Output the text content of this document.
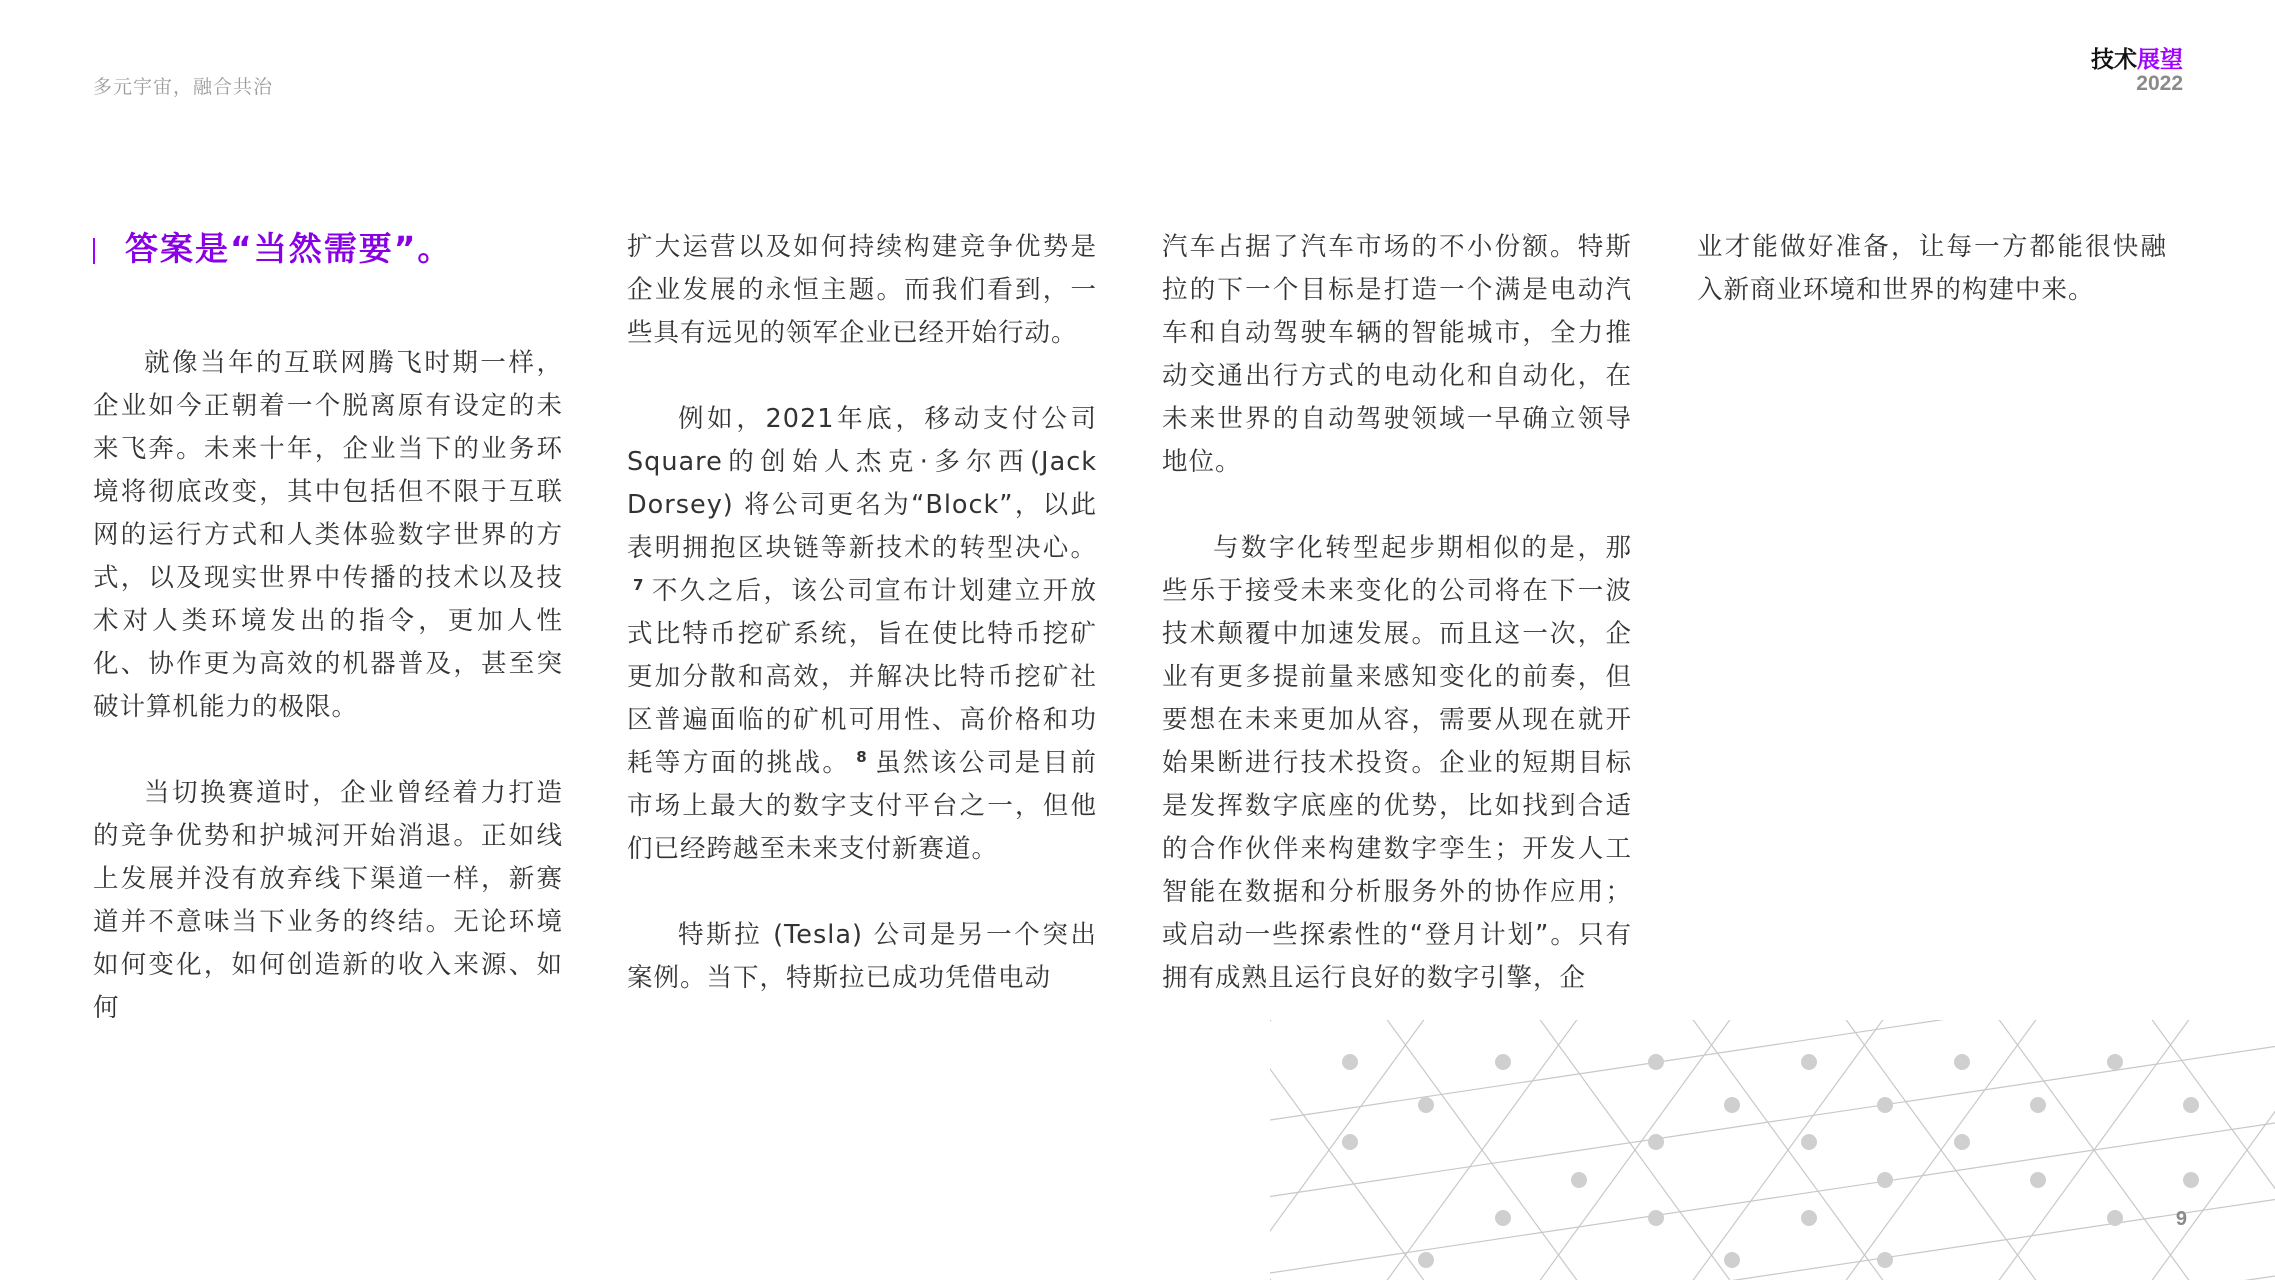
多元宇宙，融合共治
技术展望
2022
答案是“当然需要”。

就像当年的互联网腾飞时期一样，企业如今正朝着一个脱离原有设定的未来飞奔。未来十年，企业当下的业务环境将彻底改变，其中包括但不限于互联网的运行方式和人类体验数字世界的方式，以及现实世界中传播的技术以及技术对人类环境发出的指令，更加人性化、协作更为高效的机器普及，甚至突破计算机能力的极限。

当切换赛道时，企业曾经着力打造的竞争优势和护城河开始消退。正如线上发展并没有放弃线下渠道一样，新赛道并不意味当下业务的终结。无论环境如何变化，如何创造新的收入来源、如何

扩大运营以及如何持续构建竞争优势是企业发展的永恒主题。而我们看到，一些具有远见的领军企业已经开始行动。

例如，2021年底，移动支付公司Square的创始人杰克·多尔西(Jack Dorsey) 将公司更名为“Block”，以此表明拥抱区块链等新技术的转型决心。$^7$ 不久之后，该公司宣布计划建立开放式比特币挖矿系统，旨在使比特币挖矿更加分散和高效，并解决比特币挖矿社区普遍面临的矿机可用性、高价格和功耗等方面的挑战。 $^8$ 虽然该公司是目前市场上最大的数字支付平台之一，但他们已经跨越至未来支付新赛道。

特斯拉 (Tesla) 公司是另一个突出案例。当下，特斯拉已成功凭借电动

汽车占据了汽车市场的不小份额。特斯拉的下一个目标是打造一个满是电动汽车和自动驾驶车辆的智能城市，全力推动交通出行方式的电动化和自动化，在未来世界的自动驾驶领域一早确立领导地位。

与数字化转型起步期相似的是，那些乐于接受未来变化的公司将在下一波技术颠覆中加速发展。而且这一次，企业有更多提前量来感知变化的前奏，但要想在未来更加从容，需要从现在就开始果断进行技术投资。企业的短期目标是发挥数字底座的优势，比如找到合适的合作伙伴来构建数字孪生；开发人工智能在数据和分析服务外的协作应用；或启动一些探索性的“登月计划”。只有拥有成熟且运行良好的数字引擎，企

业才能做好准备，让每一方都能很快融入新商业环境和世界的构建中来。

9
